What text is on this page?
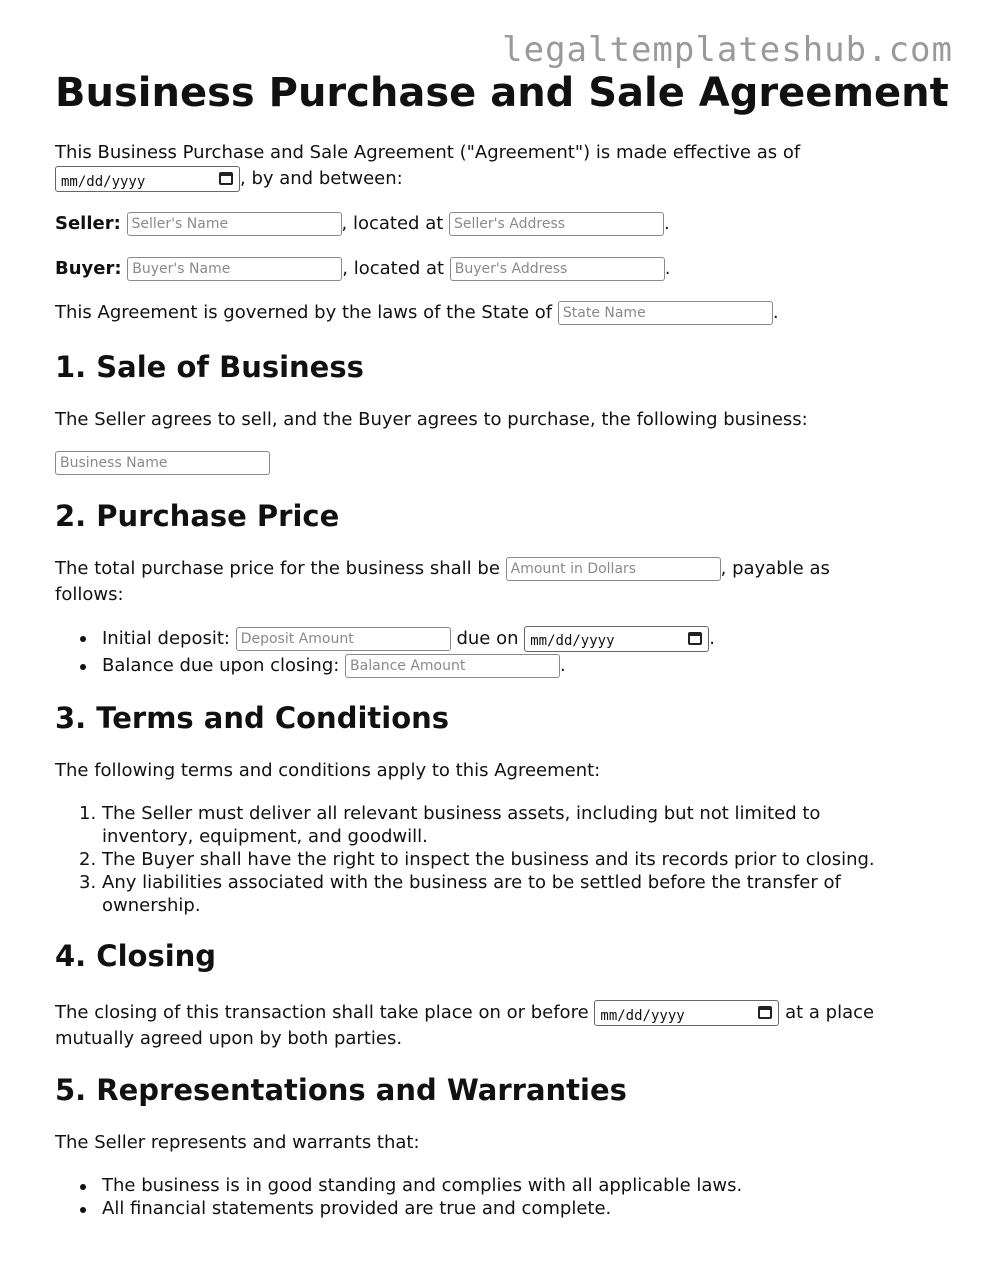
legaltemplateshub.com
Business Purchase and Sale Agreement
This Business Purchase and Sale Agreement ("Agreement") is made effective as of
mm/dd/yyyy	, by and between:
Seller: Seller's Name	, located at Seller's Address	.
Buyer: Buyer's Name	, located at Buyer's Address	.
This Agreement is governed by the laws of the State of State Name	.
1. Sale of Business
The Seller agrees to sell, and the Buyer agrees to purchase, the following business:
Business Name
2. Purchase Price
The total purchase price for the business shall be Amount in Dollars	, payable as
follows:
Initial deposit: Deposit Amount	due on mm/dd/yyyy	.
Balance due upon closing: Balance Amount	.
3. Terms and Conditions
The following terms and conditions apply to this Agreement:
1. The Seller must deliver all relevant business assets, including but not limited to
inventory, equipment, and goodwill.
2. The Buyer shall have the right to inspect the business and its records prior to closing.
3. Any liabilities associated with the business are to be settled before the transfer of
ownership.
4. Closing
The closing of this transaction shall take place on or before mm/dd/yyyy	at a place
mutually agreed upon by both parties.
5. Representations and Warranties
The Seller represents and warrants that:
The business is in good standing and complies with all applicable laws.
All financial statements provided are true and complete.
